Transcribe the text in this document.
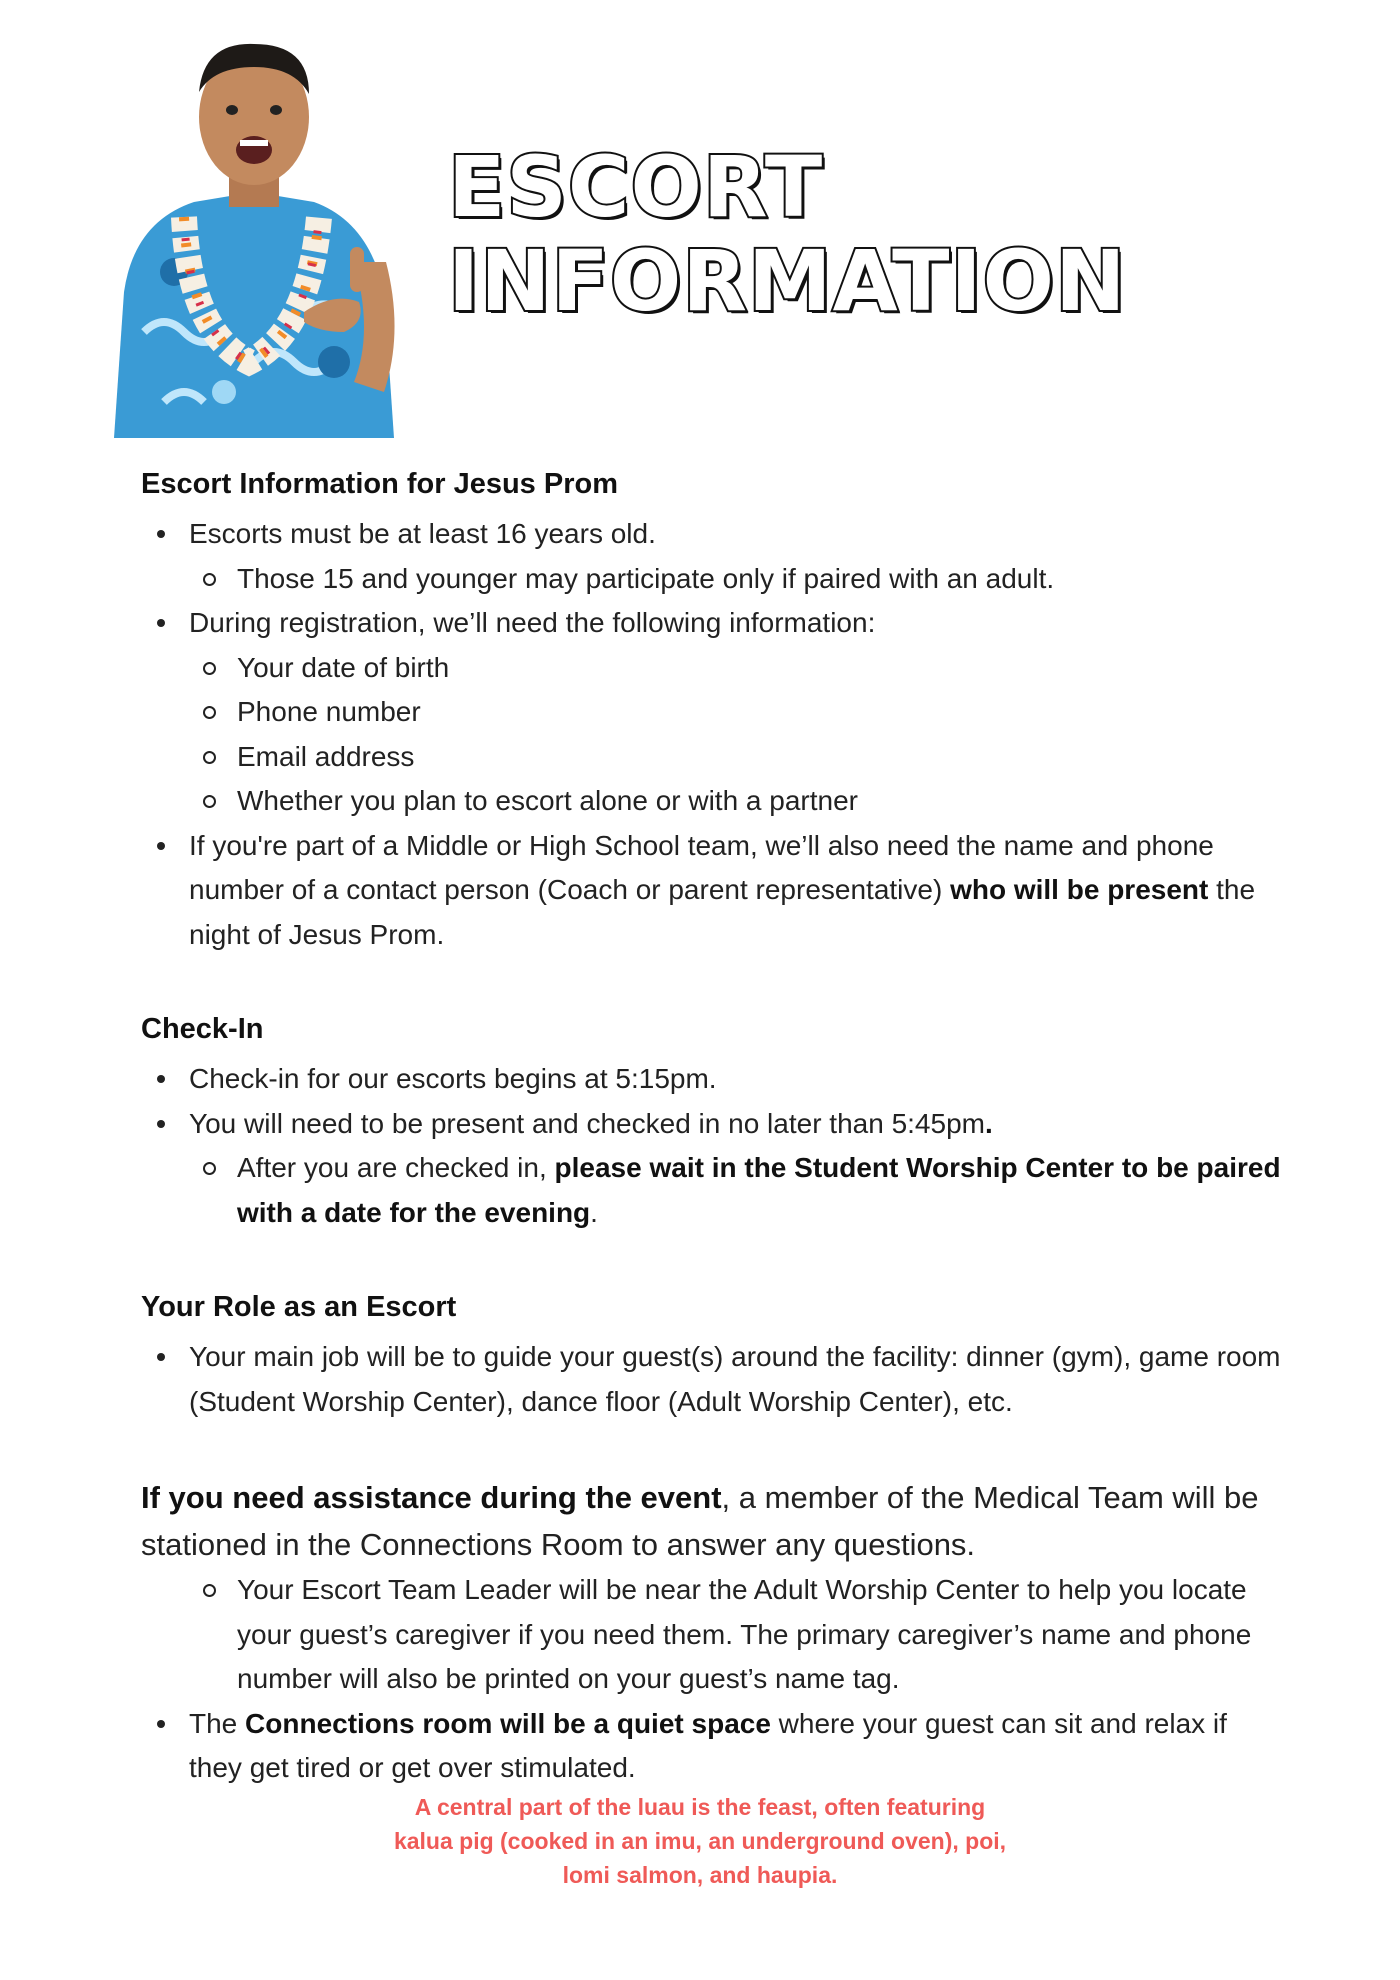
ESCORT
INFORMATION
Escort Information for Jesus Prom
Escorts must be at least 16 years old.
Those 15 and younger may participate only if paired with an adult.
During registration, we’ll need the following information:
Your date of birth
Phone number
Email address
Whether you plan to escort alone or with a partner
If you're part of a Middle or High School team, we’ll also need the name and phone number of a contact person (Coach or parent representative) who will be present the night of Jesus Prom.
Check-In
Check-in for our escorts begins at 5:15pm.
You will need to be present and checked in no later than 5:45pm.
After you are checked in, please wait in the Student Worship Center to be paired with a date for the evening.
Your Role as an Escort
Your main job will be to guide your guest(s) around the facility: dinner (gym), game room (Student Worship Center), dance floor (Adult Worship Center), etc.

If you need assistance during the event, a member of the Medical Team will be stationed in the Connections Room to answer any questions.

Your Escort Team Leader will be near the Adult Worship Center to help you locate your guest’s caregiver if you need them. The primary caregiver’s name and phone number will also be printed on your guest’s name tag.
The Connections room will be a quiet space where your guest can sit and relax if they get tired or get over stimulated.
A central part of the luau is the feast, often featuring
kalua pig (cooked in an imu, an underground oven), poi,
lomi salmon, and haupia.
